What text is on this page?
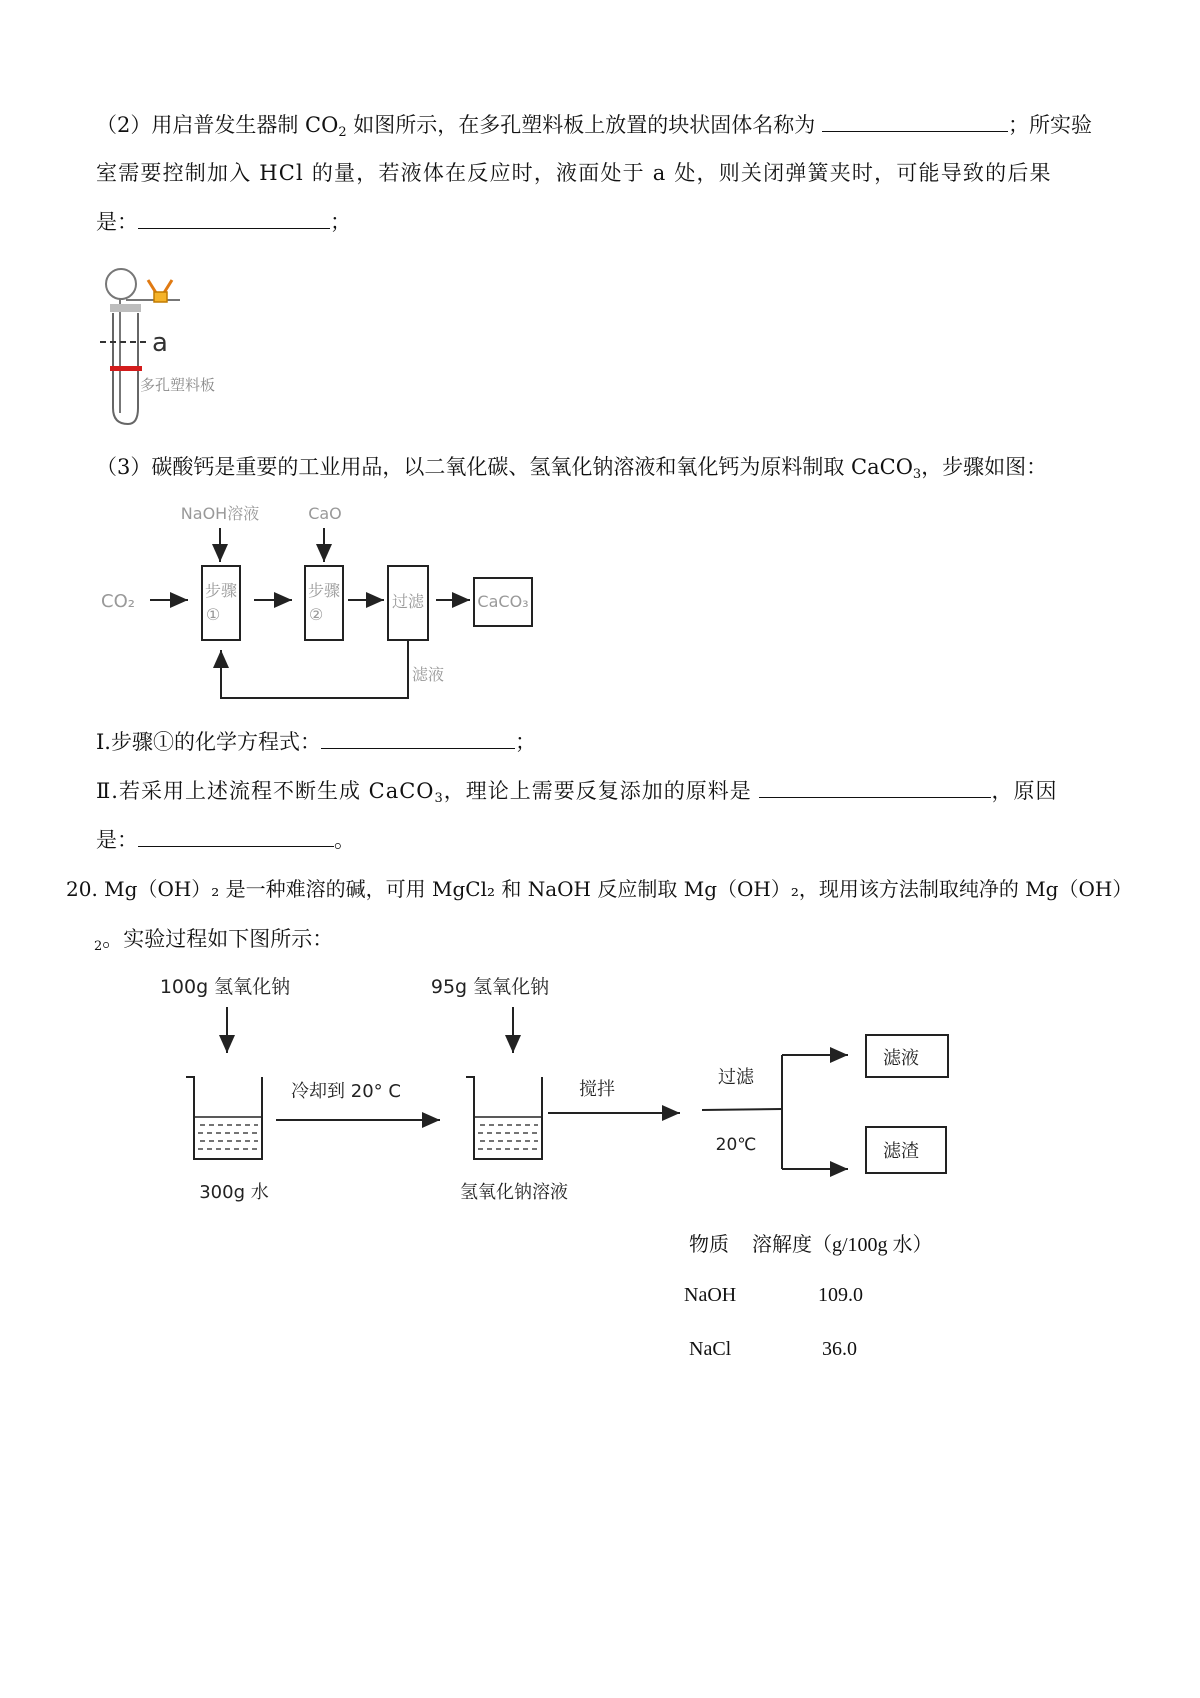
（2）用启普发生器制 $CO_2$ 如图所示，在多孔塑料板上放置的块状固体名称为	；所实验
室需要控制加入 HCl 的量，若液体在反应时，液面处于 a 处，则关闭弹簧夹时，可能导致的后果
是：	；
a
多孔塑料板
（3）碳酸钙是重要的工业用品，以二氧化碳、氢氧化钠溶液和氧化钙为原料制取 CaCO$_3$，步骤如图：
NaOH溶液	CaO
CO₂
步骤
①
步骤
②
过滤	CaCO₃
滤液
Ⅰ.步骤①的化学方程式：	；
Ⅱ.若采用上述流程不断生成 CaCO$_3$，理论上需要反复添加的原料是	，原因
是：	。
20. Mg（OH）₂ 是一种难溶的碱，可用 MgCl₂ 和 NaOH 反应制取 Mg（OH）₂，现用该方法制取纯净的 Mg（OH）
$_2$。实验过程如下图所示：
100g 氢氧化钠	95g 氢氧化钠
300g 水
冷却到 20° C
氢氧化钠溶液
搅拌
过滤
20℃
滤液
滤渣
物质 溶解度（g/100g 水）
NaOH	109.0
NaCl	36.0
